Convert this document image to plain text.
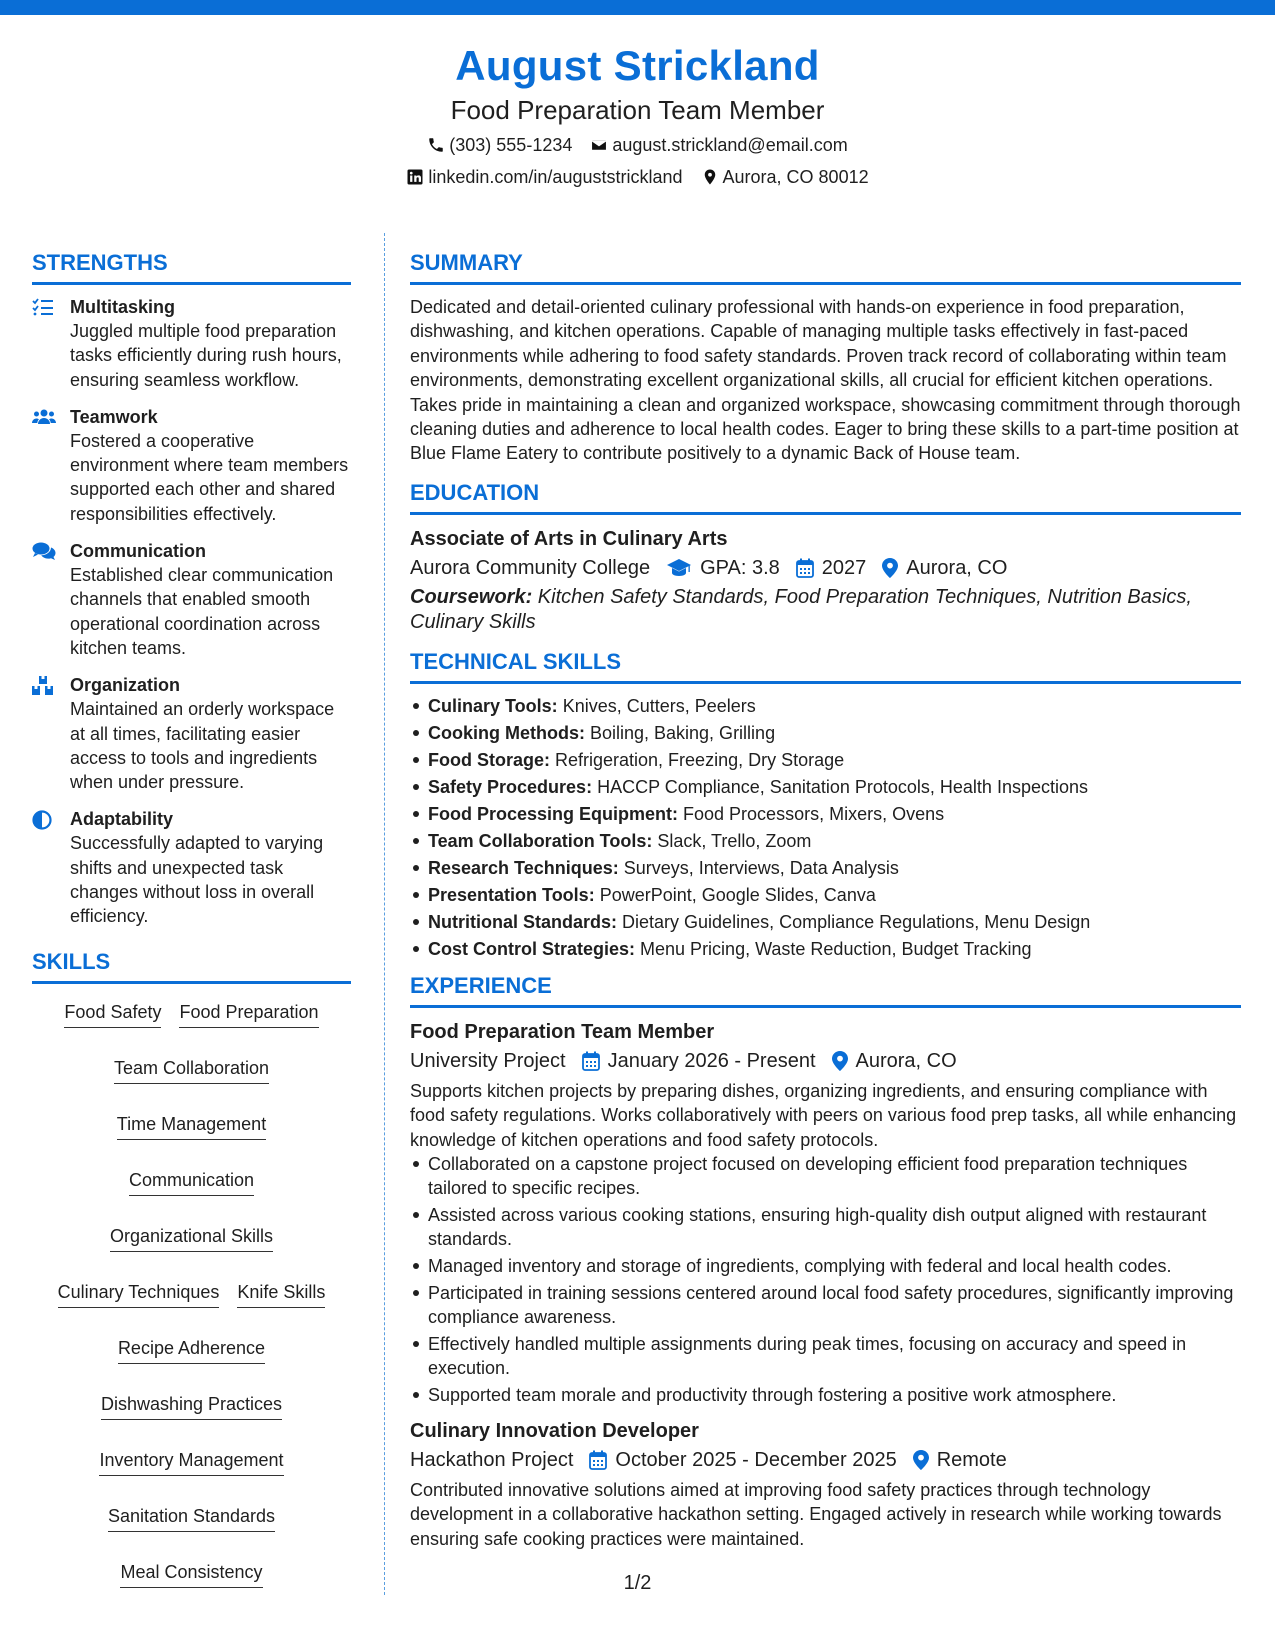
August Strickland
Food Preparation Team Member
(303) 555-1234 august.strickland@email.com
linkedin.com/in/auguststrickland Aurora, CO 80012
STRENGTHS
Multitasking
Juggled multiple food preparation tasks efficiently during rush hours, ensuring seamless workflow.
Teamwork
Fostered a cooperative environment where team members supported each other and shared responsibilities effectively.
Communication
Established clear communication channels that enabled smooth operational coordination across kitchen teams.
Organization
Maintained an orderly workspace at all times, facilitating easier access to tools and ingredients when under pressure.
Adaptability
Successfully adapted to varying shifts and unexpected task changes without loss in overall efficiency.
SKILLS
Food Safety Food Preparation
Team Collaboration
Time Management
Communication
Organizational Skills
Culinary Techniques Knife Skills
Recipe Adherence
Dishwashing Practices
Inventory Management
Sanitation Standards
Meal Consistency
SUMMARY
Dedicated and detail-oriented culinary professional with hands-on experience in food preparation, dishwashing, and kitchen operations. Capable of managing multiple tasks effectively in fast-paced environments while adhering to food safety standards. Proven track record of collaborating within team environments, demonstrating excellent organizational skills, all crucial for efficient kitchen operations. Takes pride in maintaining a clean and organized workspace, showcasing commitment through thorough cleaning duties and adherence to local health codes. Eager to bring these skills to a part-time position at Blue Flame Eatery to contribute positively to a dynamic Back of House team.
EDUCATION
Associate of Arts in Culinary Arts
Aurora Community College	GPA: 3.8 2027 Aurora, CO
Coursework: Kitchen Safety Standards, Food Preparation Techniques, Nutrition Basics, Culinary Skills
TECHNICAL SKILLS
Culinary Tools: Knives, Cutters, Peelers
Cooking Methods: Boiling, Baking, Grilling
Food Storage: Refrigeration, Freezing, Dry Storage
Safety Procedures: HACCP Compliance, Sanitation Protocols, Health Inspections
Food Processing Equipment: Food Processors, Mixers, Ovens
Team Collaboration Tools: Slack, Trello, Zoom
Research Techniques: Surveys, Interviews, Data Analysis
Presentation Tools: PowerPoint, Google Slides, Canva
Nutritional Standards: Dietary Guidelines, Compliance Regulations, Menu Design
Cost Control Strategies: Menu Pricing, Waste Reduction, Budget Tracking
EXPERIENCE
Food Preparation Team Member
University Project January 2026 - Present Aurora, CO
Supports kitchen projects by preparing dishes, organizing ingredients, and ensuring compliance with food safety regulations. Works collaboratively with peers on various food prep tasks, all while enhancing knowledge of kitchen operations and food safety protocols.
Collaborated on a capstone project focused on developing efficient food preparation techniques tailored to specific recipes.
Assisted across various cooking stations, ensuring high-quality dish output aligned with restaurant standards.
Managed inventory and storage of ingredients, complying with federal and local health codes.
Participated in training sessions centered around local food safety procedures, significantly improving compliance awareness.
Effectively handled multiple assignments during peak times, focusing on accuracy and speed in execution.
Supported team morale and productivity through fostering a positive work atmosphere.
Culinary Innovation Developer
Hackathon Project October 2025 - December 2025 Remote
Contributed innovative solutions aimed at improving food safety practices through technology development in a collaborative hackathon setting. Engaged actively in research while working towards ensuring safe cooking practices were maintained.
1/2
